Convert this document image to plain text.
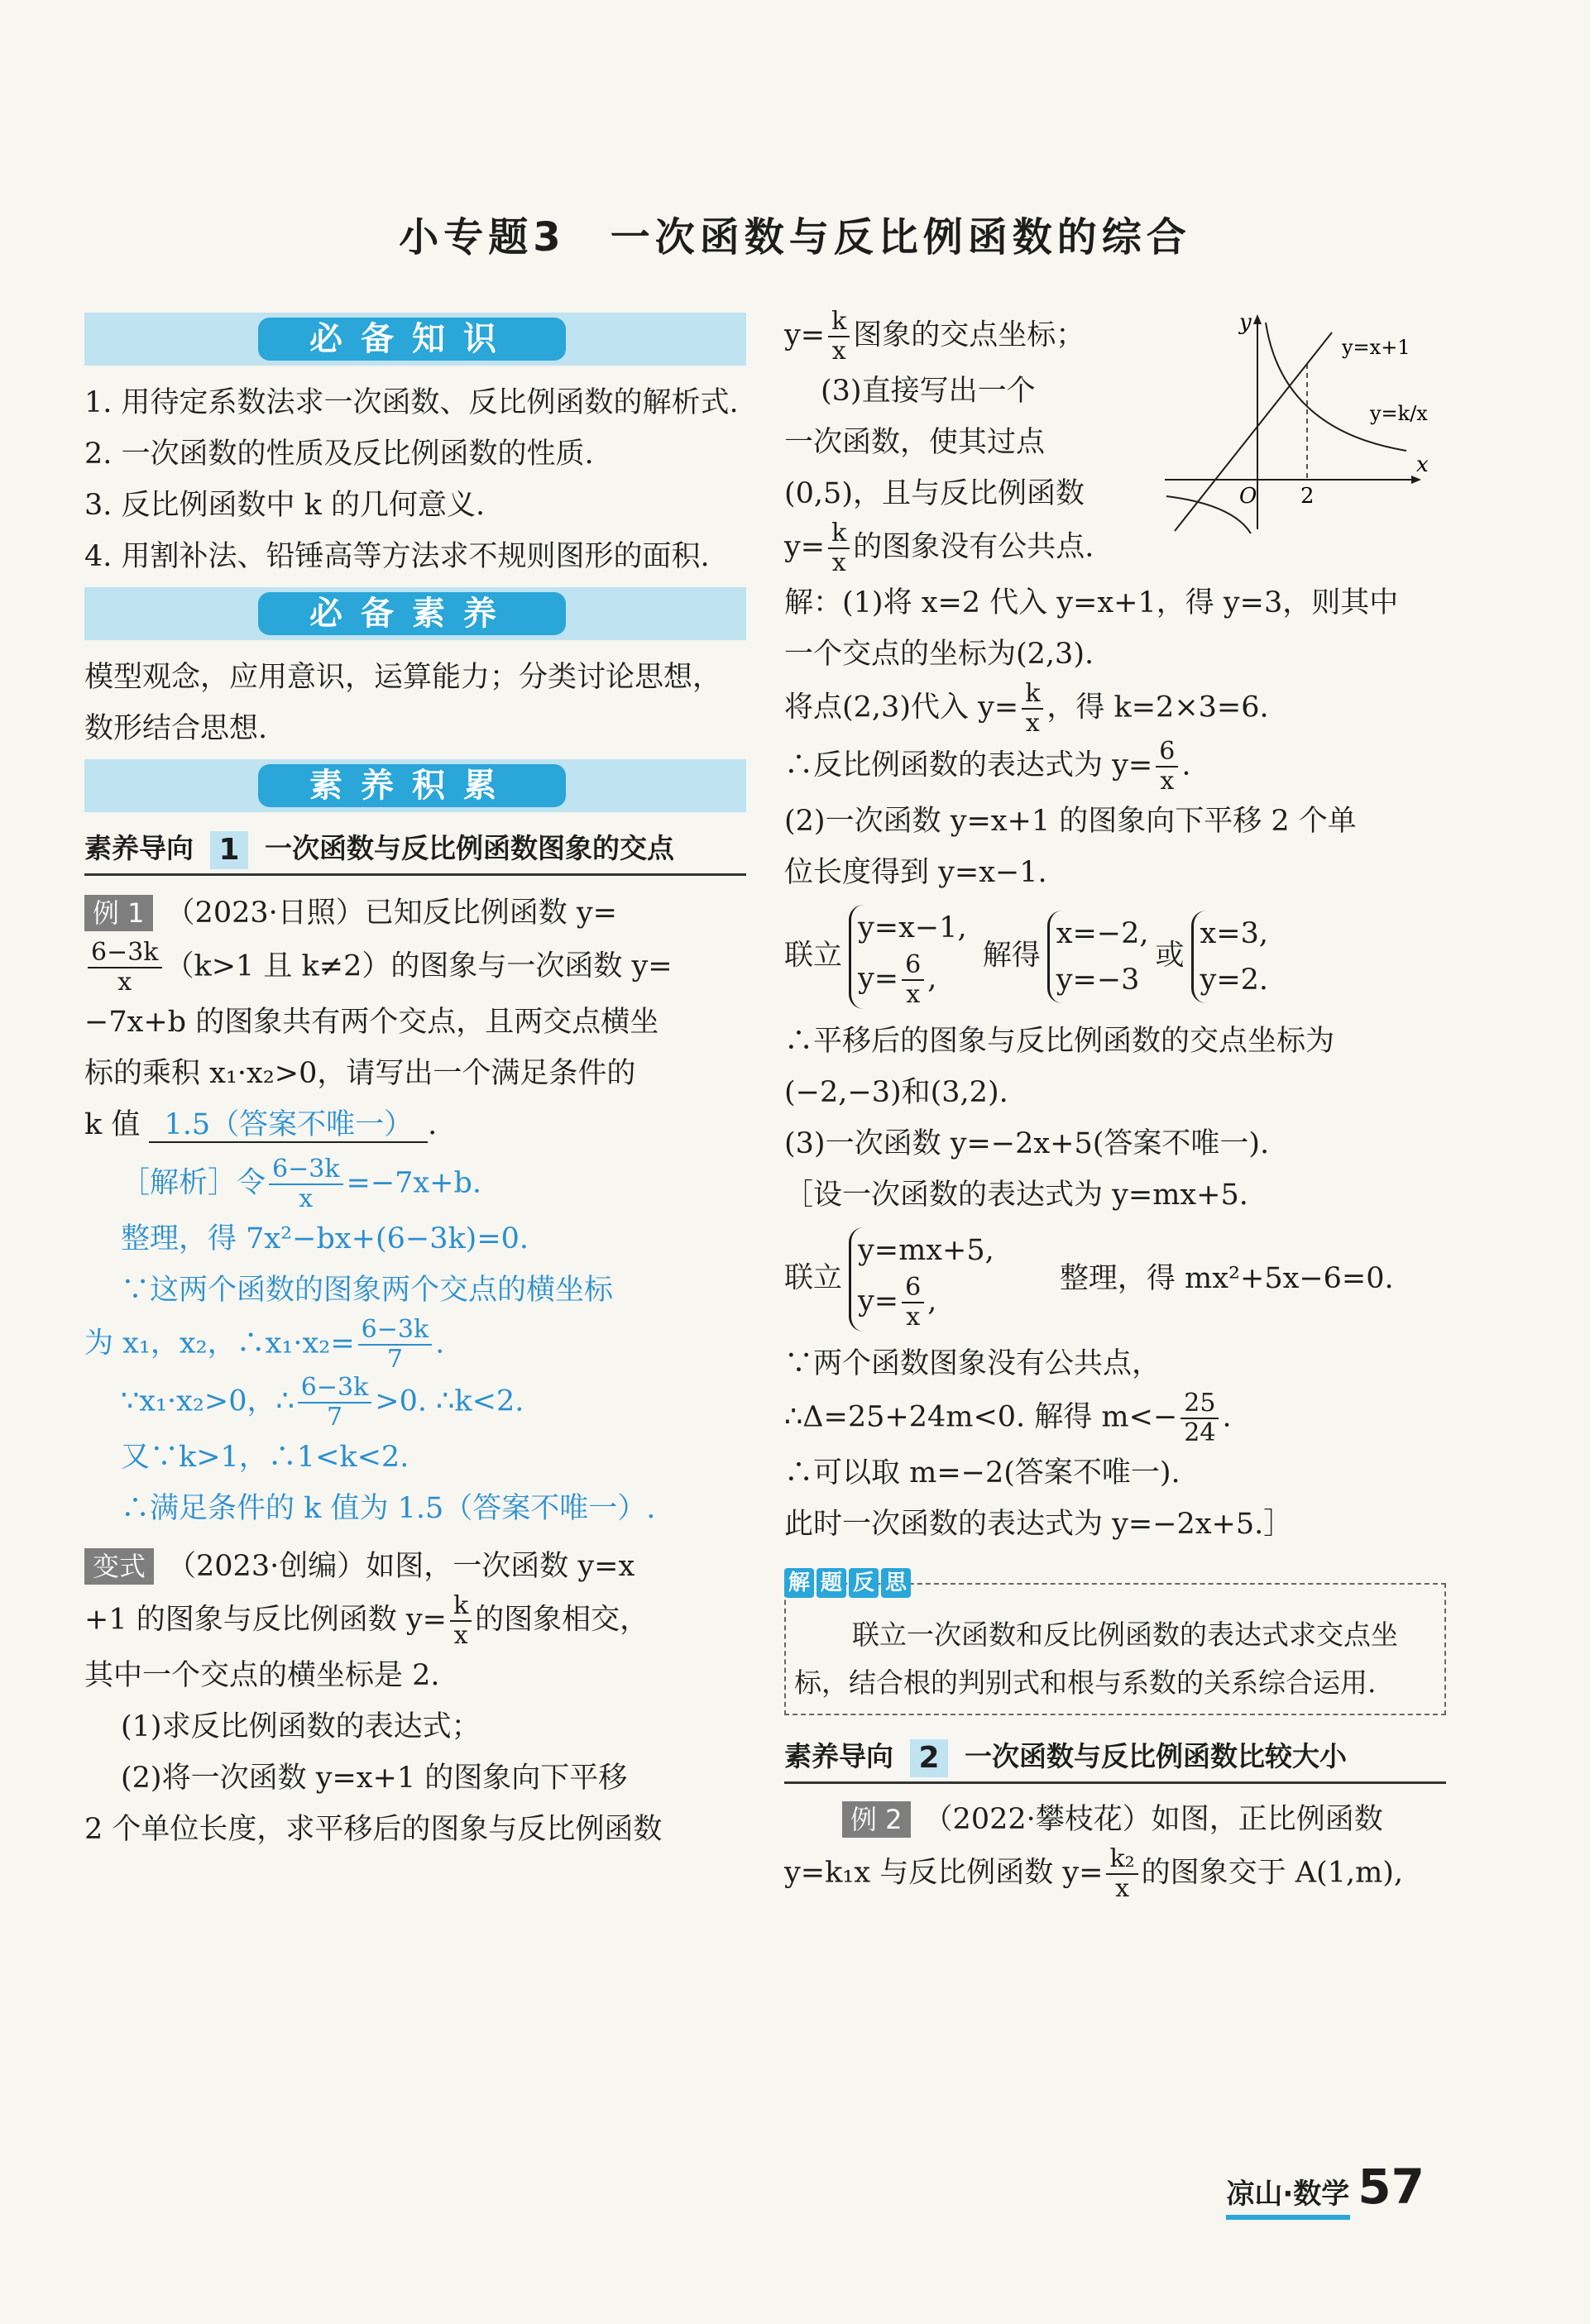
小专题3　一次函数与反比例函数的综合
必备知识

1. 用待定系数法求一次函数、反比例函数的解析式.

2. 一次函数的性质及反比例函数的性质.

3. 反比例函数中 k 的几何意义.

4. 用割补法、铅锤高等方法求不规则图形的面积.

必备素养

模型观念，应用意识，运算能力；分类讨论思想，数形结合思想.

素养积累
素养导向 1 一次函数与反比例函数图象的交点

例 1 （2023·日照）已知反比例函数 y=

$\frac{6-3k}{x} (k>1$ 且 k≠2）的图象与一次函数 y=

−7x+b 的图象共有两个交点，且两交点横坐

标的乘积 x₁·x₂>0，请写出一个满足条件的

k 值 1.5（答案不唯一） .

［解析］令 $\frac{6-3k}{x} =-7x+b$.

整理，得 7x²−bx+(6−3k)=0.

∵这两个函数的图象两个交点的横坐标

为 x₁，x₂，∴x₁·x₂= $\frac{6-3k}{7}$ .

∵x₁·x₂>0，∴ $\frac{6-3k}{7} >0$. ∴k<2.

又∵k>1，∴1<k<2.

∴满足条件的 k 值为 1.5（答案不唯一）.

变式 （2023·创编）如图，一次函数 y=x

+1 的图象与反比例函数 $y= \frac{k}{x}$ 的图象相交，

其中一个交点的横坐标是 2.

(1)求反比例函数的表达式；

(2)将一次函数 y=x+1 的图象向下平移

2 个单位长度，求平移后的图象与反比例函数

y
x
O 2
y=x+1
y=k/x

$y= \frac{k}{x}$ 图象的交点坐标；

(3)直接写出一个

一次函数，使其过点

(0,5)，且与反比例函数

$y= \frac{k}{x}$ 的图象没有公共点.

解：(1)将 x=2 代入 y=x+1，得 y=3，则其中

一个交点的坐标为(2,3).

将点(2,3)代入 $y= \frac{k}{x}$ ，得 k=2×3=6.

∴反比例函数的表达式为 $y= \frac{6}{x}$ .

(2)一次函数 y=x+1 的图象向下平移 2 个单

位长度得到 y=x−1.

联立
y=x−1,
$y= \frac{6}{x}$ ,
解得
x=−2,
y=−3
或
x=3,
y=2.

∴平移后的图象与反比例函数的交点坐标为

(−2,−3)和(3,2).

(3)一次函数 y=−2x+5(答案不唯一).

［设一次函数的表达式为 y=mx+5.

联立
y=mx+5,
$y= \frac{6}{x}$ ,
整理，得 mx²+5x−6=0.

∵两个函数图象没有公共点，

∴Δ=25+24m<0. 解得 $m<- \frac{25}{24}$ .

∴可以取 m=−2(答案不唯一).

此时一次函数的表达式为 y=−2x+5.］

解 题 反 思

联立一次函数和反比例函数的表达式求交点坐标，结合根的判别式和根与系数的关系综合运用.

素养导向 2 一次函数与反比例函数比较大小

例 2 （2022·攀枝花）如图，正比例函数

y=k₁x 与反比例函数 $y= \frac{\text{k₂}}{x}$ 的图象交于 A(1,m),

凉山·数学 57
